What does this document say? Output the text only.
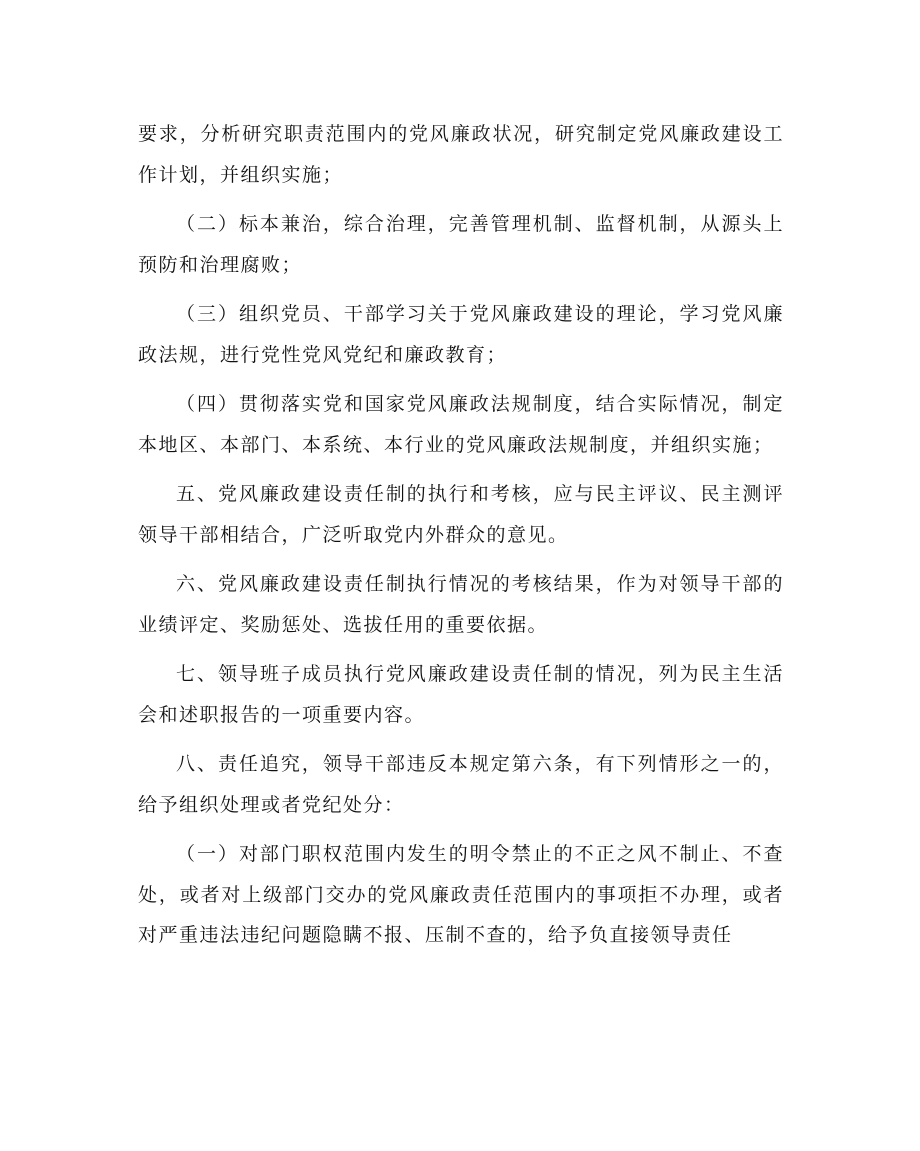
要求，分析研究职责范围内的党风廉政状况，研究制定党风廉政建设工作计划，并组织实施；

（二）标本兼治，综合治理，完善管理机制、监督机制，从源头上预防和治理腐败；

（三）组织党员、干部学习关于党风廉政建设的理论，学习党风廉政法规，进行党性党风党纪和廉政教育；

（四）贯彻落实党和国家党风廉政法规制度，结合实际情况，制定本地区、本部门、本系统、本行业的党风廉政法规制度，并组织实施；

五、党风廉政建设责任制的执行和考核，应与民主评议、民主测评领导干部相结合，广泛听取党内外群众的意见。

六、党风廉政建设责任制执行情况的考核结果，作为对领导干部的业绩评定、奖励惩处、选拔任用的重要依据。

七、领导班子成员执行党风廉政建设责任制的情况，列为民主生活会和述职报告的一项重要内容。

八、责任追究，领导干部违反本规定第六条，有下列情形之一的，给予组织处理或者党纪处分：

（一）对部门职权范围内发生的明令禁止的不正之风不制止、不查处，或者对上级部门交办的党风廉政责任范围内的事项拒不办理，或者对严重违法违纪问题隐瞒不报、压制不查的，给予负直接领导责任
